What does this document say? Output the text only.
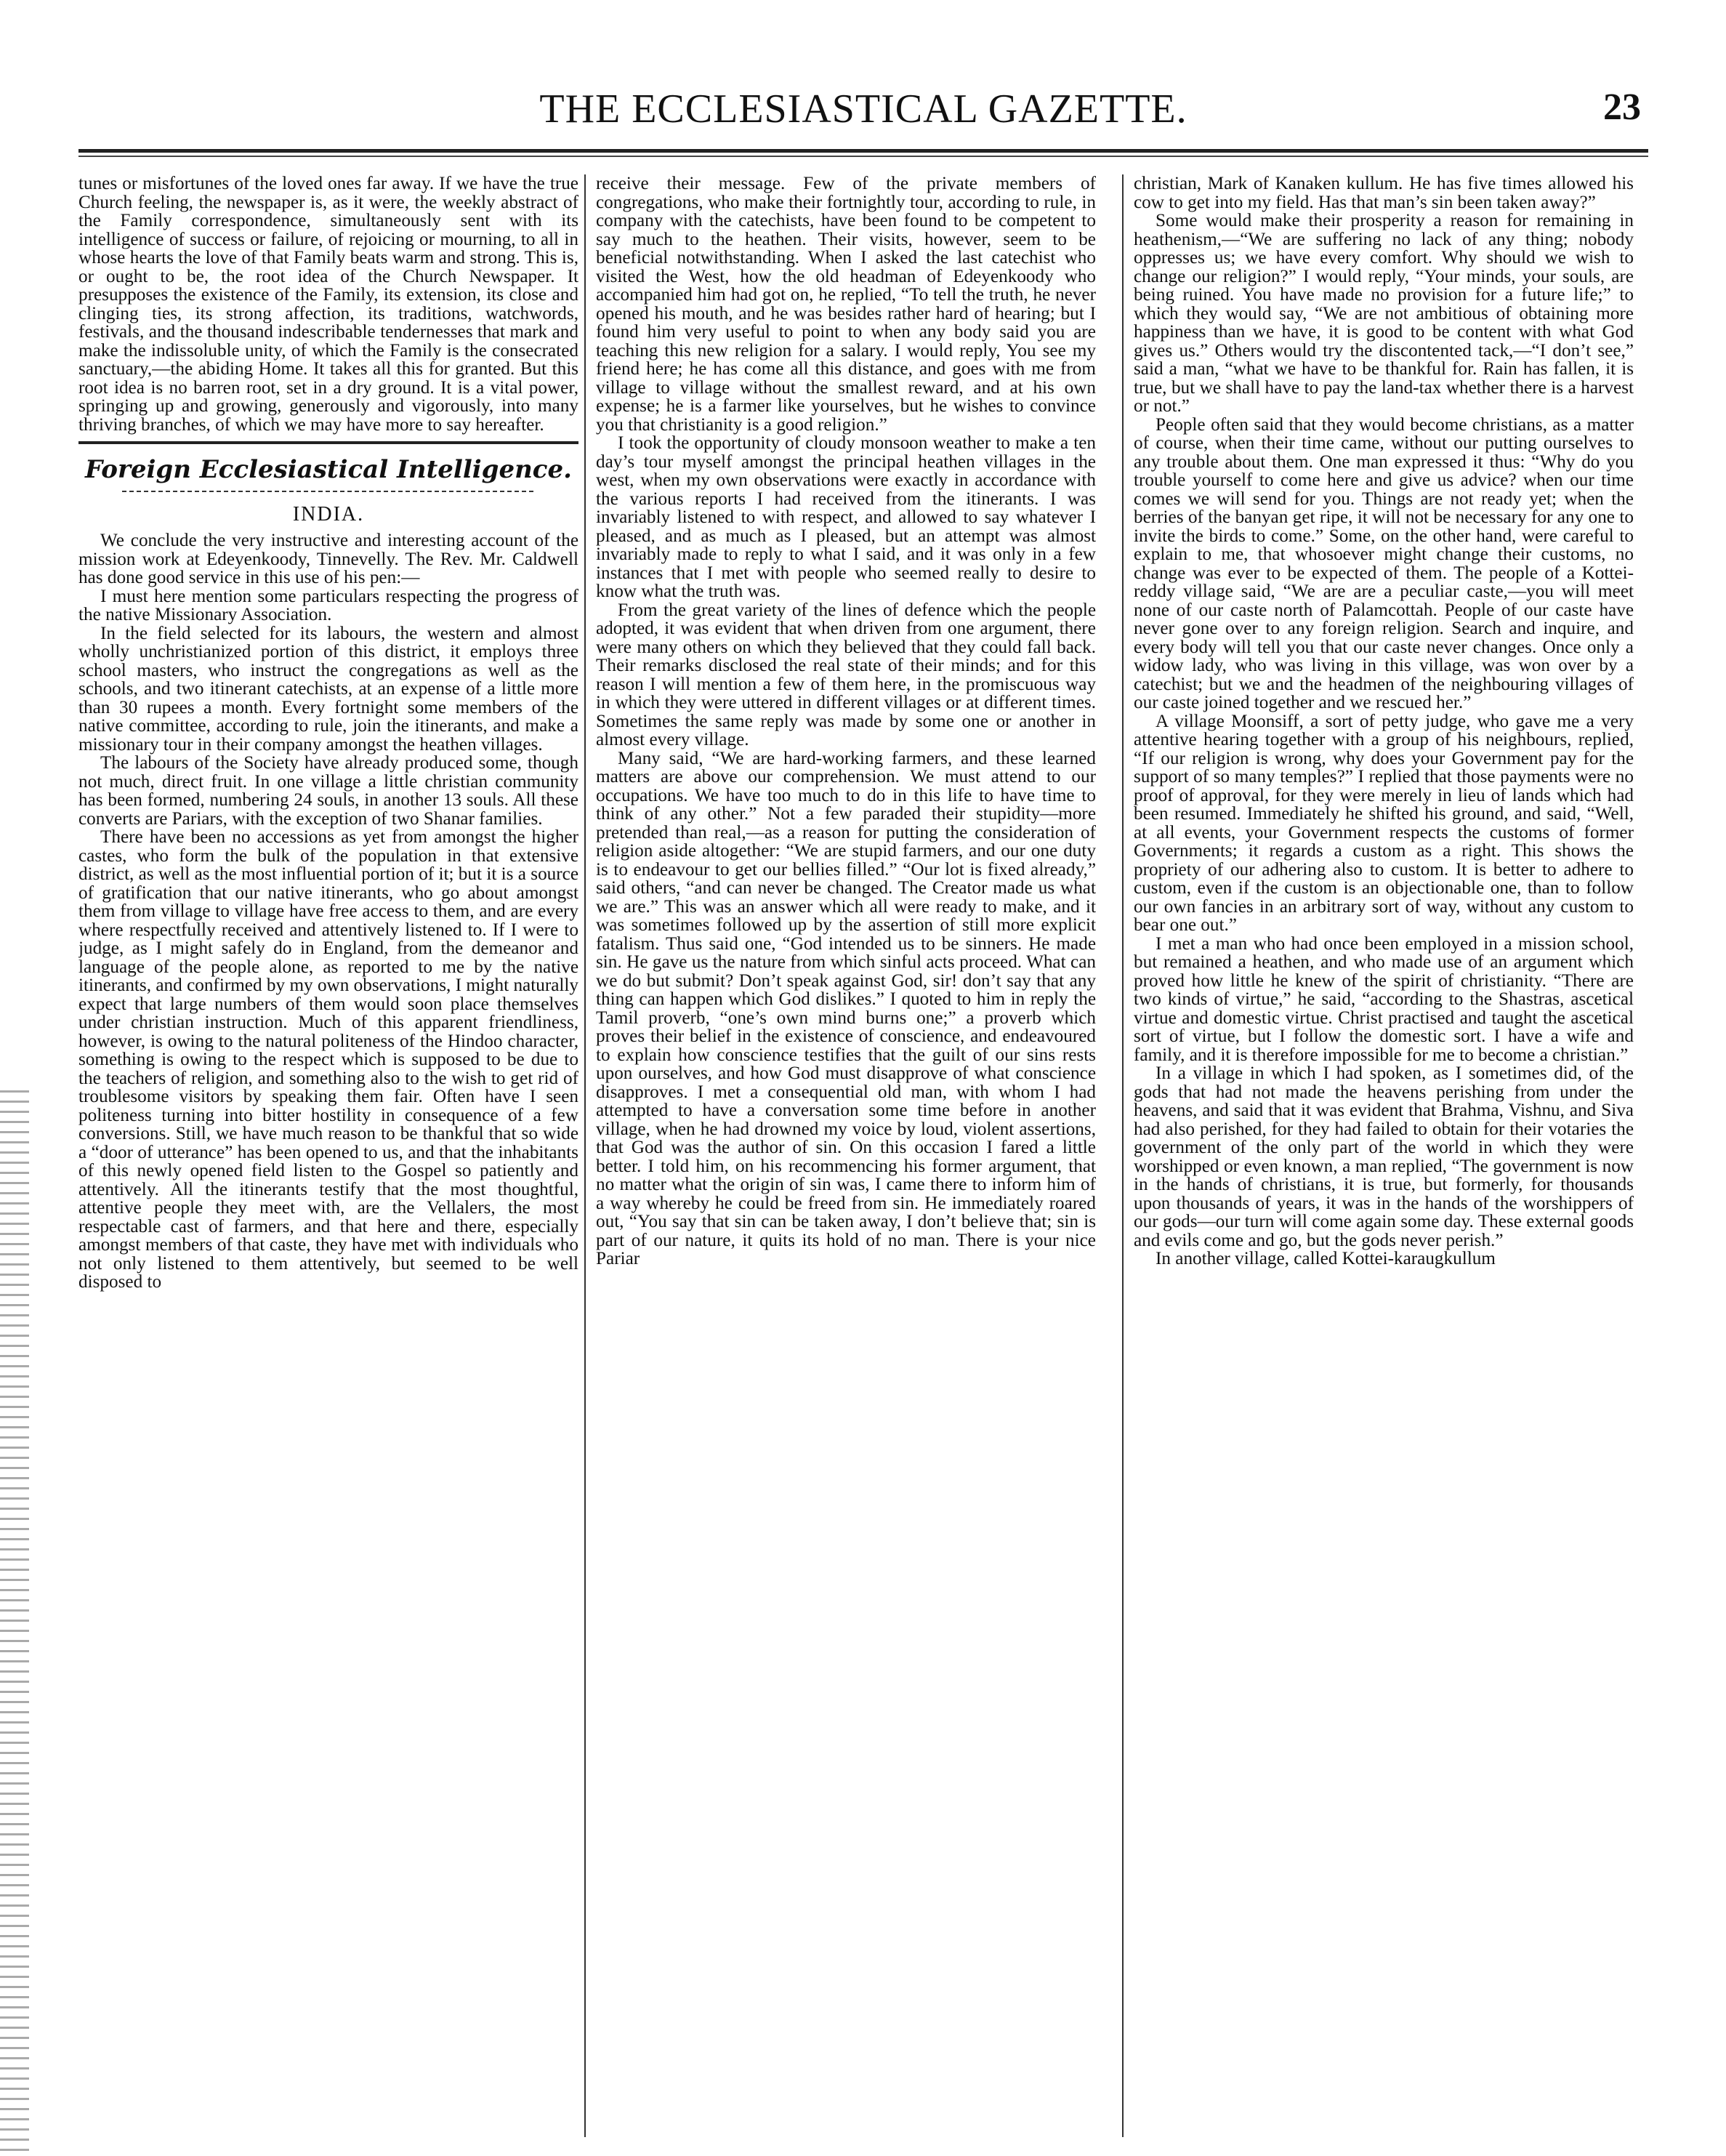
THE ECCLESIASTICAL GAZETTE.	23

tunes or misfortunes of the loved ones far away. If we have the true Church feeling, the newspaper is, as it were, the weekly abstract of the Family correspondence, simultaneously sent with its intelligence of success or failure, of rejoicing or mourning, to all in whose hearts the love of that Family beats warm and strong. This is, or ought to be, the root idea of the Church Newspaper. It presupposes the existence of the Family, its extension, its close and clinging ties, its strong affection, its traditions, watchwords, festivals, and the thousand indescribable tendernesses that mark and make the indissoluble unity, of which the Family is the consecrated sanctuary,—the abiding Home. It takes all this for granted. But this root idea is no barren root, set in a dry ground. It is a vital power, springing up and growing, generously and vigorously, into many thriving branches, of which we may have more to say hereafter.

Foreign Ecclesiastical Intelligence.
INDIA.

We conclude the very instructive and interesting account of the mission work at Edeyenkoody, Tinnevelly. The Rev. Mr. Caldwell has done good service in this use of his pen:—

I must here mention some particulars respecting the progress of the native Missionary Association.

In the field selected for its labours, the western and almost wholly unchristianized portion of this district, it employs three school masters, who instruct the congregations as well as the schools, and two itinerant catechists, at an expense of a little more than 30 rupees a month. Every fortnight some members of the native committee, according to rule, join the itinerants, and make a missionary tour in their company amongst the heathen villages.

The labours of the Society have already produced some, though not much, direct fruit. In one village a little christian community has been formed, numbering 24 souls, in another 13 souls. All these converts are Pariars, with the exception of two Shanar families.

There have been no accessions as yet from amongst the higher castes, who form the bulk of the population in that extensive district, as well as the most influential portion of it; but it is a source of gratification that our native itinerants, who go about amongst them from village to village have free access to them, and are every where respectfully received and attentively listened to. If I were to judge, as I might safely do in England, from the demeanor and language of the people alone, as reported to me by the native itinerants, and confirmed by my own observations, I might naturally expect that large numbers of them would soon place themselves under christian instruction. Much of this apparent friendliness, however, is owing to the natural politeness of the Hindoo character, something is owing to the respect which is supposed to be due to the teachers of religion, and something also to the wish to get rid of troublesome visitors by speaking them fair. Often have I seen politeness turning into bitter hostility in consequence of a few conversions. Still, we have much reason to be thankful that so wide a “door of utterance” has been opened to us, and that the inhabitants of this newly opened field listen to the Gospel so patiently and attentively. All the itinerants testify that the most thoughtful, attentive people they meet with, are the Vellalers, the most respectable cast of farmers, and that here and there, especially amongst members of that caste, they have met with individuals who not only listened to them attentively, but seemed to be well disposed to

receive their message. Few of the private members of congregations, who make their fortnightly tour, according to rule, in company with the catechists, have been found to be competent to say much to the heathen. Their visits, however, seem to be beneficial notwithstanding. When I asked the last catechist who visited the West, how the old headman of Edeyenkoody who accompanied him had got on, he replied, “To tell the truth, he never opened his mouth, and he was besides rather hard of hearing; but I found him very useful to point to when any body said you are teaching this new religion for a salary. I would reply, You see my friend here; he has come all this distance, and goes with me from village to village without the smallest reward, and at his own expense; he is a farmer like yourselves, but he wishes to convince you that christianity is a good religion.”

I took the opportunity of cloudy monsoon weather to make a ten day’s tour myself amongst the principal heathen villages in the west, when my own observations were exactly in accordance with the various reports I had received from the itinerants. I was invariably listened to with respect, and allowed to say whatever I pleased, and as much as I pleased, but an attempt was almost invariably made to reply to what I said, and it was only in a few instances that I met with people who seemed really to desire to know what the truth was.

From the great variety of the lines of defence which the people adopted, it was evident that when driven from one argument, there were many others on which they believed that they could fall back. Their remarks disclosed the real state of their minds; and for this reason I will mention a few of them here, in the promiscuous way in which they were uttered in different villages or at different times. Sometimes the same reply was made by some one or another in almost every village.

Many said, “We are hard-working farmers, and these learned matters are above our comprehension. We must attend to our occupations. We have too much to do in this life to have time to think of any other.” Not a few paraded their stupidity—more pretended than real,—as a reason for putting the consideration of religion aside altogether: “We are stupid farmers, and our one duty is to endeavour to get our bellies filled.” “Our lot is fixed already,” said others, “and can never be changed. The Creator made us what we are.” This was an answer which all were ready to make, and it was sometimes followed up by the assertion of still more explicit fatalism. Thus said one, “God intended us to be sinners. He made sin. He gave us the nature from which sinful acts proceed. What can we do but submit? Don’t speak against God, sir! don’t say that any thing can happen which God dislikes.” I quoted to him in reply the Tamil proverb, “one’s own mind burns one;” a proverb which proves their belief in the existence of conscience, and endeavoured to explain how conscience testifies that the guilt of our sins rests upon ourselves, and how God must disapprove of what conscience disapproves. I met a consequential old man, with whom I had attempted to have a conversation some time before in another village, when he had drowned my voice by loud, violent assertions, that God was the author of sin. On this occasion I fared a little better. I told him, on his recommencing his former argument, that no matter what the origin of sin was, I came there to inform him of a way whereby he could be freed from sin. He immediately roared out, “You say that sin can be taken away, I don’t believe that; sin is part of our nature, it quits its hold of no man. There is your nice Pariar

christian, Mark of Kanaken kullum. He has five times allowed his cow to get into my field. Has that man’s sin been taken away?”

Some would make their prosperity a reason for remaining in heathenism,—“We are suffering no lack of any thing; nobody oppresses us; we have every comfort. Why should we wish to change our religion?” I would reply, “Your minds, your souls, are being ruined. You have made no provision for a future life;” to which they would say, “We are not ambitious of obtaining more happiness than we have, it is good to be content with what God gives us.” Others would try the discontented tack,—“I don’t see,” said a man, “what we have to be thankful for. Rain has fallen, it is true, but we shall have to pay the land-tax whether there is a harvest or not.”

People often said that they would become christians, as a matter of course, when their time came, without our putting ourselves to any trouble about them. One man expressed it thus: “Why do you trouble yourself to come here and give us advice? when our time comes we will send for you. Things are not ready yet; when the berries of the banyan get ripe, it will not be necessary for any one to invite the birds to come.” Some, on the other hand, were careful to explain to me, that whosoever might change their customs, no change was ever to be expected of them. The people of a Kottei-reddy village said, “We are are a peculiar caste,—you will meet none of our caste north of Palamcottah. People of our caste have never gone over to any foreign religion. Search and inquire, and every body will tell you that our caste never changes. Once only a widow lady, who was living in this village, was won over by a catechist; but we and the headmen of the neighbouring villages of our caste joined together and we rescued her.”

A village Moonsiff, a sort of petty judge, who gave me a very attentive hearing together with a group of his neighbours, replied, “If our religion is wrong, why does your Government pay for the support of so many temples?” I replied that those payments were no proof of approval, for they were merely in lieu of lands which had been resumed. Immediately he shifted his ground, and said, “Well, at all events, your Government respects the customs of former Governments; it regards a custom as a right. This shows the propriety of our adhering also to custom. It is better to adhere to custom, even if the custom is an objectionable one, than to follow our own fancies in an arbitrary sort of way, without any custom to bear one out.”

I met a man who had once been employed in a mission school, but remained a heathen, and who made use of an argument which proved how little he knew of the spirit of christianity. “There are two kinds of virtue,” he said, “according to the Shastras, ascetical virtue and domestic virtue. Christ practised and taught the ascetical sort of virtue, but I follow the domestic sort. I have a wife and family, and it is therefore impossible for me to become a christian.”

In a village in which I had spoken, as I sometimes did, of the gods that had not made the heavens perishing from under the heavens, and said that it was evident that Brahma, Vishnu, and Siva had also perished, for they had failed to obtain for their votaries the government of the only part of the world in which they were worshipped or even known, a man replied, “The government is now in the hands of christians, it is true, but formerly, for thousands upon thousands of years, it was in the hands of the worshippers of our gods—our turn will come again some day. These external goods and evils come and go, but the gods never perish.”

In another village, called Kottei-karaugkullum
